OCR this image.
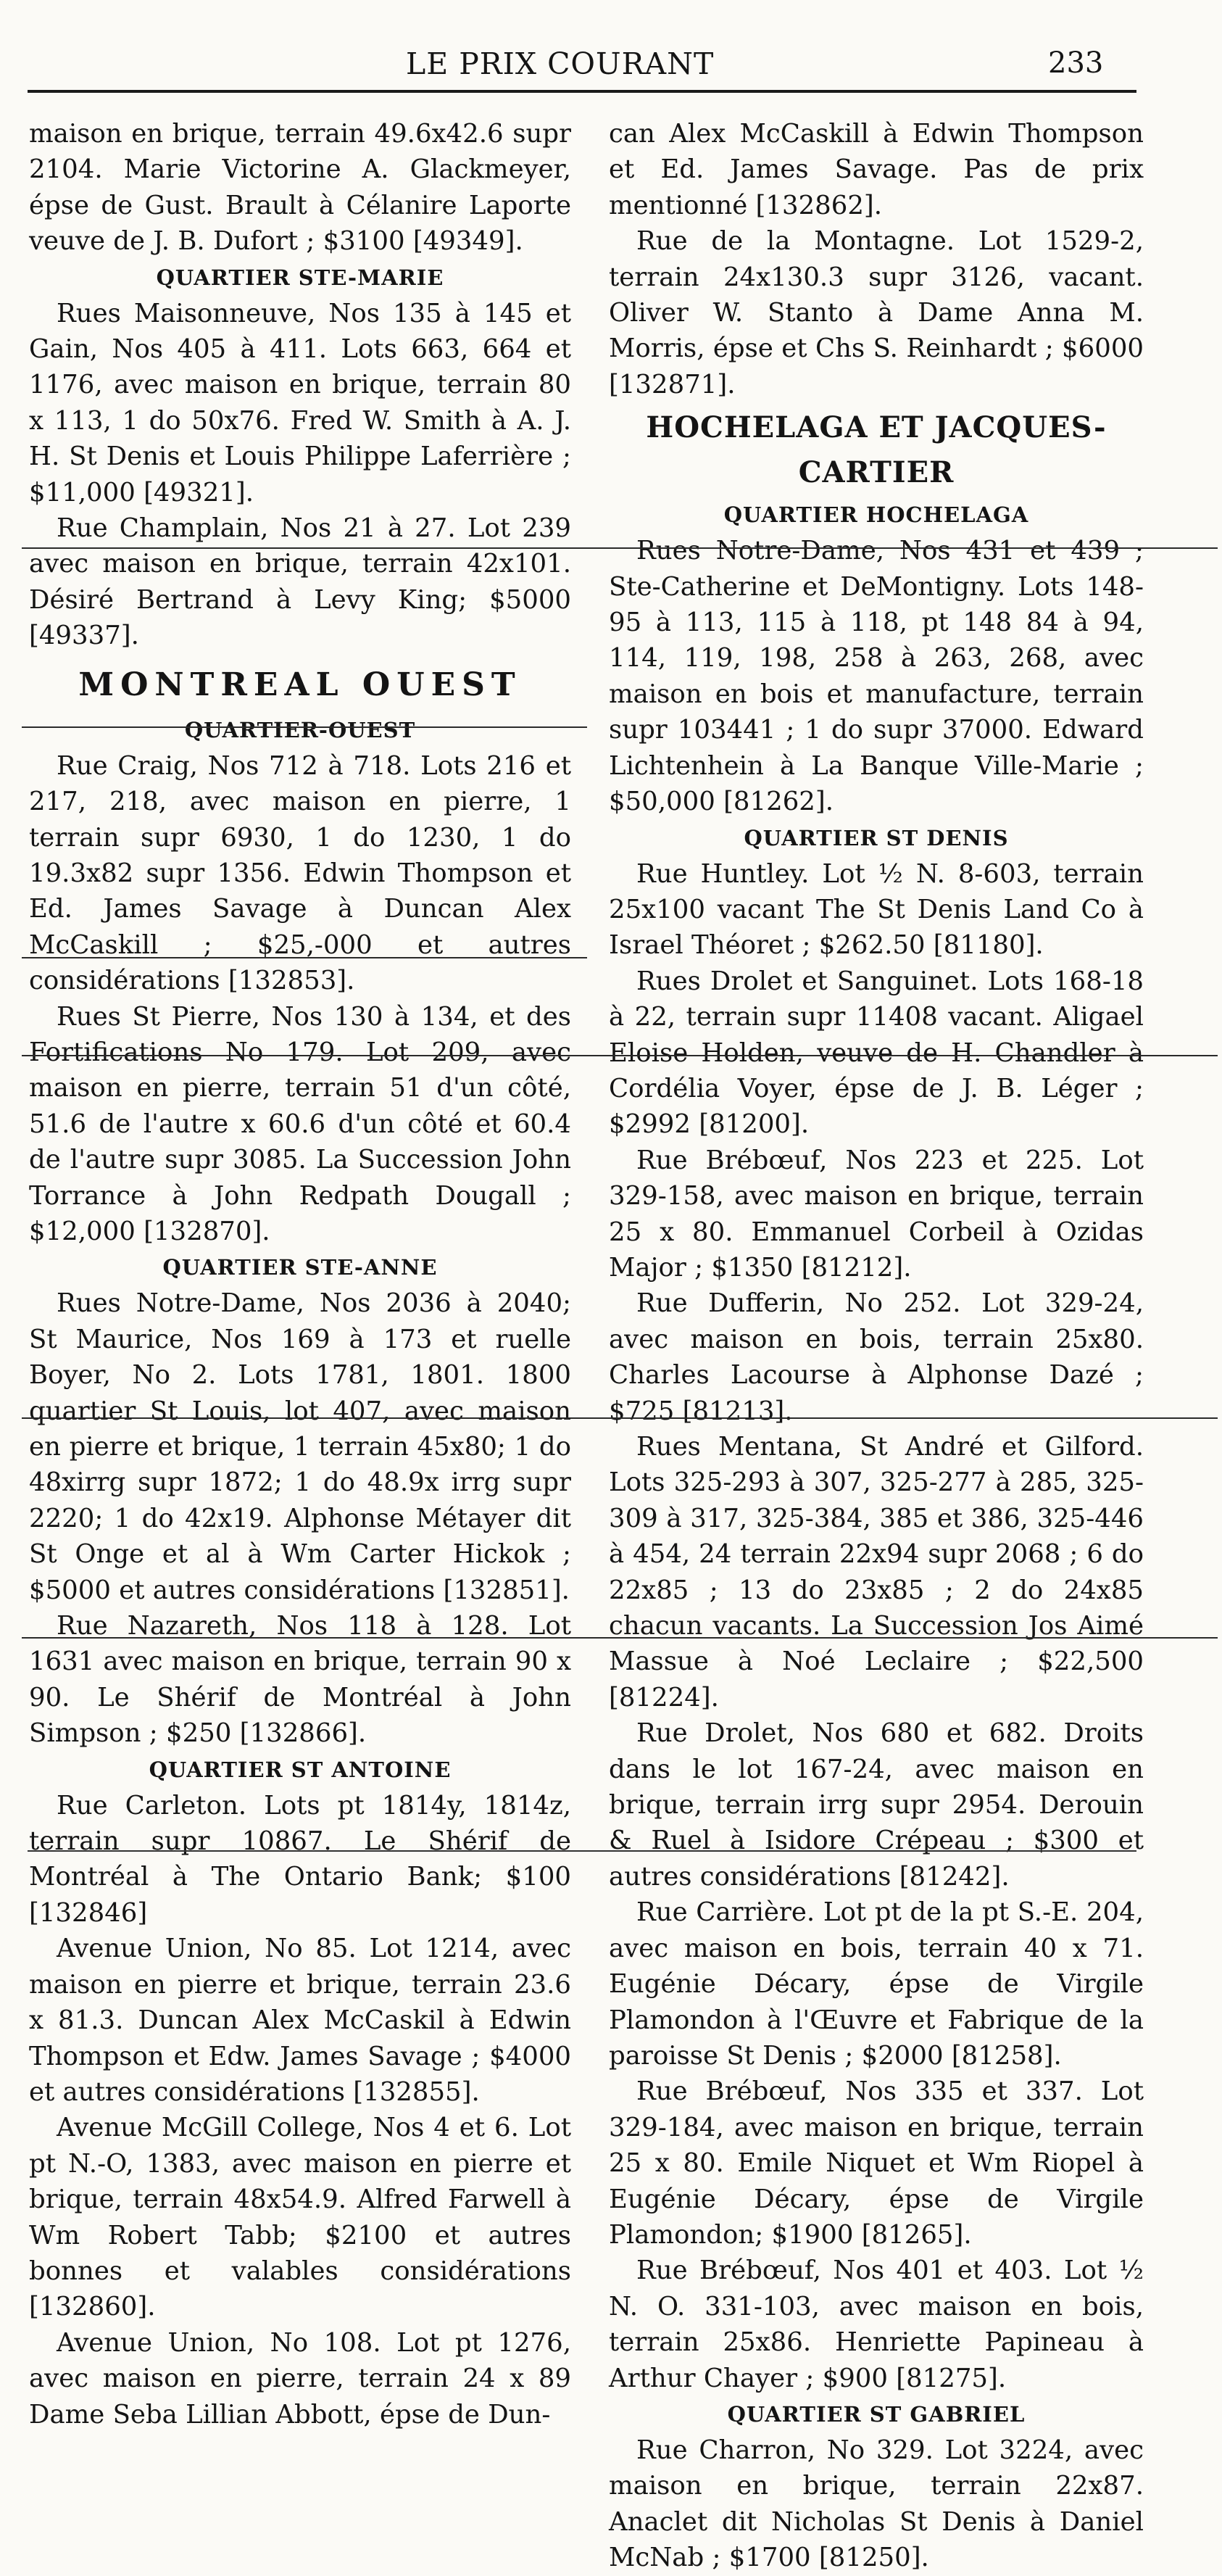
LE PRIX COURANT	233

maison en brique, terrain 49.6x42.6 supr 2104. Marie Victorine A. Glackmeyer, épse de Gust. Brault à Célanire Laporte veuve de J. B. Dufort ; $3100 [49349].

QUARTIER STE-MARIE

Rues Maisonneuve, Nos 135 à 145 et Gain, Nos 405 à 411. Lots 663, 664 et 1176, avec maison en brique, terrain 80 x 113, 1 do 50x76. Fred W. Smith à A. J. H. St Denis et Louis Philippe Laferrière ; $11,000 [49321].

Rue Champlain, Nos 21 à 27. Lot 239 avec maison en brique, terrain 42x101. Désiré Bertrand à Levy King; $5000 [49337].

MONTREAL OUEST

QUARTIER-OUEST

Rue Craig, Nos 712 à 718. Lots 216 et 217, 218, avec maison en pierre, 1 terrain supr 6930, 1 do 1230, 1 do 19.3x82 supr 1356. Edwin Thompson et Ed. James Savage à Duncan Alex McCaskill ; $25,-000 et autres considérations [132853].

Rues St Pierre, Nos 130 à 134, et des Fortifications No 179. Lot 209, avec maison en pierre, terrain 51 d'un côté, 51.6 de l'autre x 60.6 d'un côté et 60.4 de l'autre supr 3085. La Succession John Torrance à John Redpath Dougall ; $12,000 [132870].

QUARTIER STE-ANNE

Rues Notre-Dame, Nos 2036 à 2040; St Maurice, Nos 169 à 173 et ruelle Boyer, No 2. Lots 1781, 1801. 1800 quartier St Louis, lot 407, avec maison en pierre et brique, 1 terrain 45x80; 1 do 48xirrg supr 1872; 1 do 48.9x irrg supr 2220; 1 do 42x19. Alphonse Métayer dit St Onge et al à Wm Carter Hickok ; $5000 et autres considérations [132851].

Rue Nazareth, Nos 118 à 128. Lot 1631 avec maison en brique, terrain 90 x 90. Le Shérif de Montréal à John Simpson ; $250 [132866].

QUARTIER ST ANTOINE

Rue Carleton. Lots pt 1814y, 1814z, terrain supr 10867. Le Shérif de Montréal à The Ontario Bank; $100 [132846]

Avenue Union, No 85. Lot 1214, avec maison en pierre et brique, terrain 23.6 x 81.3. Duncan Alex McCaskil à Edwin Thompson et Edw. James Savage ; $4000 et autres considérations [132855].

Avenue McGill College, Nos 4 et 6. Lot pt N.-O, 1383, avec maison en pierre et brique, terrain 48x54.9. Alfred Farwell à Wm Robert Tabb; $2100 et autres bonnes et valables considérations [132860].

Avenue Union, No 108. Lot pt 1276, avec maison en pierre, terrain 24 x 89 Dame Seba Lillian Abbott, épse de Dun-

can Alex McCaskill à Edwin Thompson et Ed. James Savage. Pas de prix mentionné [132862].

Rue de la Montagne. Lot 1529-2, terrain 24x130.3 supr 3126, vacant. Oliver W. Stanto à Dame Anna M. Morris, épse et Chs S. Reinhardt ; $6000 [132871].

HOCHELAGA ET JACQUES-CARTIER

QUARTIER HOCHELAGA

Rues Notre-Dame, Nos 431 et 439 ; Ste-Catherine et DeMontigny. Lots 148-95 à 113, 115 à 118, pt 148 84 à 94, 114, 119, 198, 258 à 263, 268, avec maison en bois et manufacture, terrain supr 103441 ; 1 do supr 37000. Edward Lichtenhein à La Banque Ville-Marie ; $50,000 [81262].

QUARTIER ST DENIS

Rue Huntley. Lot ½ N. 8-603, terrain 25x100 vacant The St Denis Land Co à Israel Théoret ; $262.50 [81180].

Rues Drolet et Sanguinet. Lots 168-18 à 22, terrain supr 11408 vacant. Aligael Eloise Holden, veuve de H. Chandler à Cordélia Voyer, épse de J. B. Léger ; $2992 [81200].

Rue Brébœuf, Nos 223 et 225. Lot 329-158, avec maison en brique, terrain 25 x 80. Emmanuel Corbeil à Ozidas Major ; $1350 [81212].

Rue Dufferin, No 252. Lot 329-24, avec maison en bois, terrain 25x80. Charles Lacourse à Alphonse Dazé ; $725 [81213].

Rues Mentana, St André et Gilford. Lots 325-293 à 307, 325-277 à 285, 325-309 à 317, 325-384, 385 et 386, 325-446 à 454, 24 terrain 22x94 supr 2068 ; 6 do 22x85 ; 13 do 23x85 ; 2 do 24x85 chacun vacants. La Succession Jos Aimé Massue à Noé Leclaire ; $22,500 [81224].

Rue Drolet, Nos 680 et 682. Droits dans le lot 167-24, avec maison en brique, terrain irrg supr 2954. Derouin & Ruel à Isidore Crépeau ; $300 et autres considérations [81242].

Rue Carrière. Lot pt de la pt S.-E. 204, avec maison en bois, terrain 40 x 71. Eugénie Décary, épse de Virgile Plamondon à l'Œuvre et Fabrique de la paroisse St Denis ; $2000 [81258].

Rue Brébœuf, Nos 335 et 337. Lot 329-184, avec maison en brique, terrain 25 x 80. Emile Niquet et Wm Riopel à Eugénie Décary, épse de Virgile Plamondon; $1900 [81265].

Rue Brébœuf, Nos 401 et 403. Lot ½ N. O. 331-103, avec maison en bois, terrain 25x86. Henriette Papineau à Arthur Chayer ; $900 [81275].

QUARTIER ST GABRIEL

Rue Charron, No 329. Lot 3224, avec maison en brique, terrain 22x87. Anaclet dit Nicholas St Denis à Daniel McNab ; $1700 [81250].
